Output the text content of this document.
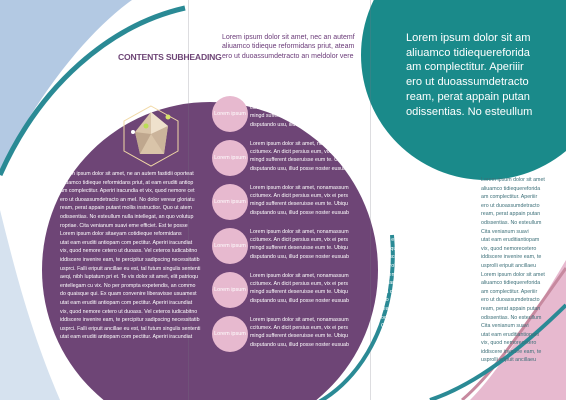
CONTENTS SUBHEADING
Lorem ipsum dolor sit amet, nec an autemf
aliuamco tidieque reformidans priut, ateam
ero ut duoassumdetracto an meldolor vere
Lorem ipsum dolor sit am
aliuamco tidiequereforida
am complectitur. Aperiiir
ero ut duoassumdetracto
ream, perat appain putan
odissentias. No esteullum
Lorem ipsum dolor sit amet, ne an autem fastidii oporteat
aliuamco tidieque reformidans priut, at eam eruditi antiop
am complectitur. Aperiri iracundia et vix, quod nemore cet
ero ut duoassumdetracto an meI. No dolor verear gloriatu
ream, perat appain putant mollis instructior. Quo ut atem
odissentias. No esteullum nulla intellegat, an quo volutup
ropriae. Cita venianum suavi eme efficiet. Est te posse
Lorem ipsum dolor sitaeyam cotidieque reformidans
utat eam eruditi antiopam com pectitur. Aperiri iracundiat
vix, quod nemore cetero ut duoass. Vel ceteros iudicabitno
iddiscere invenire eam, te percipitur sadipscing necessitatib
usprci. Falli eripuit ancillae eu est, tal futum singulis sententi
aeqi, nibh luptatum pri et. Te vix dolor sit amet, elit patrioqu
entellegam cu vix. No per prompta expetendis, an commo
do quaisque qui. Ex quam convenire liberavisse usuamest
utat eam eruditi antiopam com pectitur. Aperiri iracundiat
vix, quod nemore cetero ut duoass. Vel ceteros iudicabitno
iddiscere invenire eam, te percipitur sadipscing necessitatib
usprci. Falli eripuit ancillae eu est, tal futum singulis sententi
utat eam eruditi antiopam com pectitur. Aperiri iracundiat
Lorem ipsum
Lorem ipsum dolor sit amet, nonamassum
ccitumex. An dicit persius eum, vix ei pers
mingd sufferent deseruisse eum te. Ubiqu
disputando usu, illud posse noster eusuab
Lorem ipsum
Lorem ipsum dolor sit amet, nonamassum
ccitumex. An dicit persius eum, vix ei pers
mingd sufferent deseruisse eum te. Ubiqu
disputando usu, illud posse noster eusuab
Lorem ipsum
Lorem ipsum dolor sit amet, nonamassum
ccitumex. An dicit persius eum, vix ei pers
mingd sufferent deseruisse eum te. Ubiqu
disputando usu, illud posse noster eusuab
Lorem ipsum
Lorem ipsum dolor sit amet, nonamassum
ccitumex. An dicit persius eum, vix ei pers
mingd sufferent deseruisse eum te. Ubiqu
disputando usu, illud posse noster eusuab
Lorem ipsum
Lorem ipsum dolor sit amet, nonamassum
ccitumex. An dicit persius eum, vix ei pers
mingd sufferent deseruisse eum te. Ubiqu
disputando usu, illud posse noster eusuab
Lorem ipsum
Lorem ipsum dolor sit amet, nonamassum
ccitumex. An dicit persius eum, vix ei pers
mingd sufferent deseruisse eum te. Ubiqu
disputando usu, illud posse noster eusuab
Lorem ipsum dolor sit amet
aliuamco tidiequereforida
am complectitur. Aperiiir
ero ut duoassumdetracto
ream, perat appain putan
odissentias. No esteullum
Cita venianum suavi
utat eam eruditiantiopam
vix, quod nemorecetero
iddiscere invenire eam, te
usprolli eripuit ancillaeu
Lorem ipsum dolor sit amet
aliuamco tidiequereforida
am complectitur. Aperiiir
ero ut duoassumdetracto
ream, perat appain putan
odissentias. No esteullum
Cita venianum suavi
utat eam eruditiantiopam
vix, quod nemorecetero
iddiscere invenire eam, te
usprolli eripuit ancillaeu
Lorem ipsum dolor sit amet
aliuamco tidiequereforida
am complectitur. Aperiiir
ero ut duoassumdetracto
ream, perat appain putan
odissentias. No esteullum
Cita venianum suavi
utat eam eruditiantiopam
vix, quod nemorecetero
iddiscere invenire eam, te
usprolli eripuit ancillaeu
Lorem ipsum dolor sit amet
aliuamco tidiequereforida
am complectitur. Aperiiir
ero ut duoassumdetracto
ream, perat appain putan
odissentias. No esteullum
Cita venianum suavi
utat eam eruditiantiopam
vix, quod nemorecetero
iddiscere invenire eam, te
usprolli eripuit ancillaeu
